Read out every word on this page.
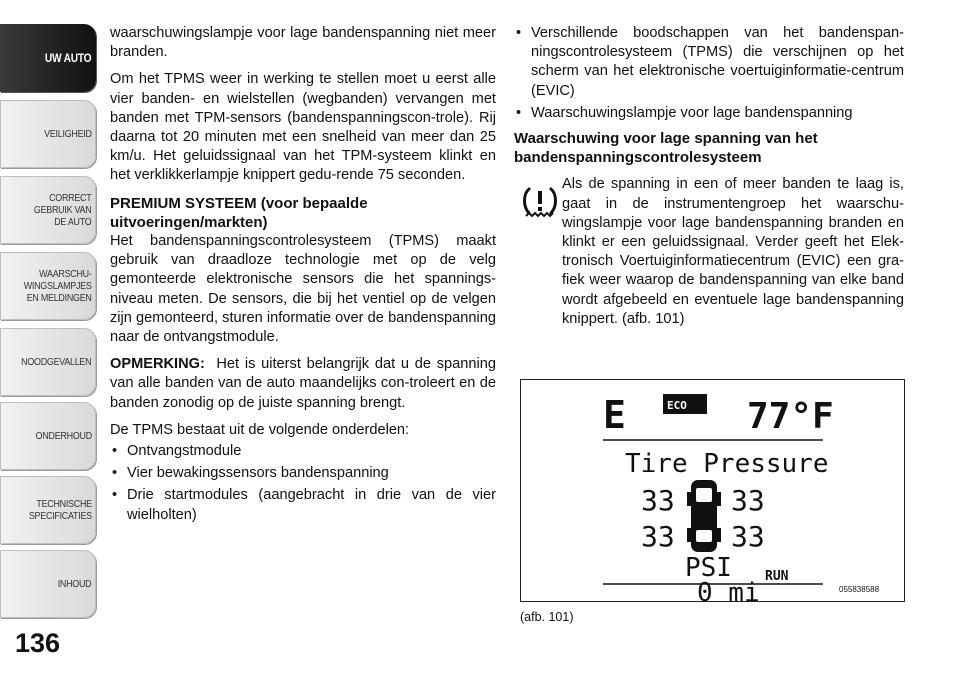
UW AUTO
VEILIGHEID
CORRECT
GEBRUIK VAN
DE AUTO
WAARSCHU-
WINGSLAMPJES
EN MELDINGEN
NOODGEVALLEN
ONDERHOUD
TECHNISCHE
SPECIFICATIES
INHOUD
136

waarschuwingslampje voor lage bandenspanning niet meer branden.

Om het TPMS weer in werking te stellen moet u eerst alle vier banden- en wielstellen (wegbanden) vervangen met banden met TPM-sensors (bandenspanningscon-trole). Rij daarna tot 20 minuten met een snelheid van meer dan 25 km/u. Het geluidssignaal van het TPM-systeem klinkt en het verklikkerlampje knippert gedu-rende 75 seconden.

PREMIUM SYSTEEM (voor bepaalde uitvoeringen/markten)

Het bandenspanningscontrolesysteem (TPMS) maakt gebruik van draadloze technologie met op de velg gemonteerde elektronische sensors die het spannings-niveau meten. De sensors, die bij het ventiel op de velgen zijn gemonteerd, sturen informatie over de bandenspanning naar de ontvangstmodule.

OPMERKING: Het is uiterst belangrijk dat u de spanning van alle banden van de auto maandelijks con-troleert en de banden zonodig op de juiste spanning brengt.

De TPMS bestaat uit de volgende onderdelen:

• Ontvangstmodule
• Vier bewakingssensors bandenspanning
• Drie startmodules (aangebracht in drie van de vier wielholten)
• Verschillende boodschappen van het bandenspan-ningscontrolesysteem (TPMS) die verschijnen op het scherm van het elektronische voertuiginformatie-centrum (EVIC)
• Waarschuwingslampje voor lage bandenspanning
Waarschuwing voor lage spanning van het bandenspanningscontrolesysteem

Als de spanning in een of meer banden te laag is, gaat in de instrumentengroep het waarschu-wingslampje voor lage bandenspanning branden en klinkt er een geluidssignaal. Verder geeft het Elek-tronisch Voertuiginformatiecentrum (EVIC) een gra-fiek weer waarop de bandenspanning van elke band wordt afgebeeld en eventuele lage bandenspanning knippert. (afb. 101)

E	ECO 77°F
Tire Pressure
33 33
33 33
PSI
0 mi
RUN
055838588
(afb. 101)
